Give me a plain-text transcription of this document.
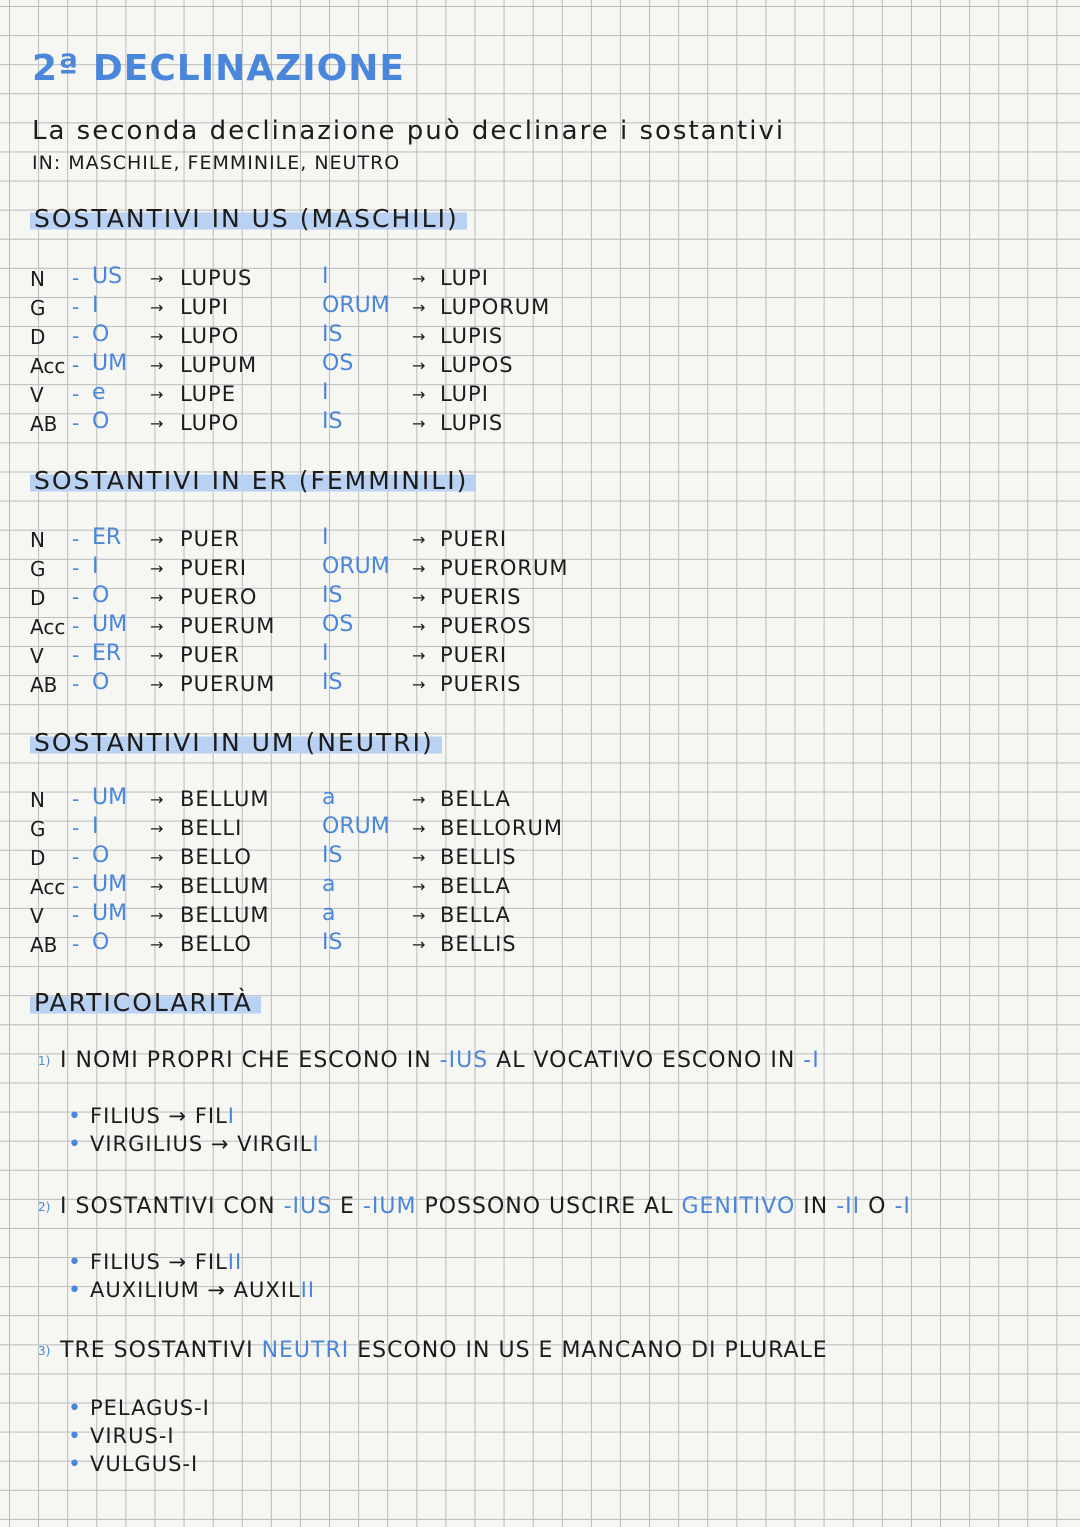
2ª DECLINAZIONE
La seconda declinazione può declinare i sostantivi
IN: MASCHILE, FEMMINILE, NEUTRO
SOSTANTIVI IN US (MASCHILI)
N	- US → LUPUS	I	→ LUPI
G	- I	→ LUPI	ORUM → LUPORUM
D	- O	→ LUPO	IS	→ LUPIS
Acc - UM → LUPUM	OS	→ LUPOS
V	- e	→ LUPE	I	→ LUPI
AB - O	→ LUPO	IS	→ LUPIS
SOSTANTIVI IN ER (FEMMINILI)
N	- ER → PUER	I	→ PUERI
G	- I	→ PUERI	ORUM → PUERORUM
D	- O	→ PUERO	IS	→ PUERIS
Acc - UM → PUERUM OS	→ PUEROS
V	- ER → PUER	I	→ PUERI
AB - O	→ PUERUM IS	→ PUERIS
SOSTANTIVI IN UM (NEUTRI)
N	- UM → BELLUM a	→ BELLA
G	- I	→ BELLI	ORUM → BELLORUM
D	- O	→ BELLO	IS	→ BELLIS
Acc - UM → BELLUM a	→ BELLA
V	- UM → BELLUM a	→ BELLA
AB - O	→ BELLO	IS	→ BELLIS
PARTICOLARITÀ
1) I NOMI PROPRI CHE ESCONO IN -IUS AL VOCATIVO ESCONO IN -I
• FILIUS → FILI
• VIRGILIUS → VIRGILI
2) I SOSTANTIVI CON -IUS E -IUM POSSONO USCIRE AL GENITIVO IN -II O -I
• FILIUS → FILII
• AUXILIUM → AUXILII
3) TRE SOSTANTIVI NEUTRI ESCONO IN US E MANCANO DI PLURALE
• PELAGUS-I
• VIRUS-I
• VULGUS-I
